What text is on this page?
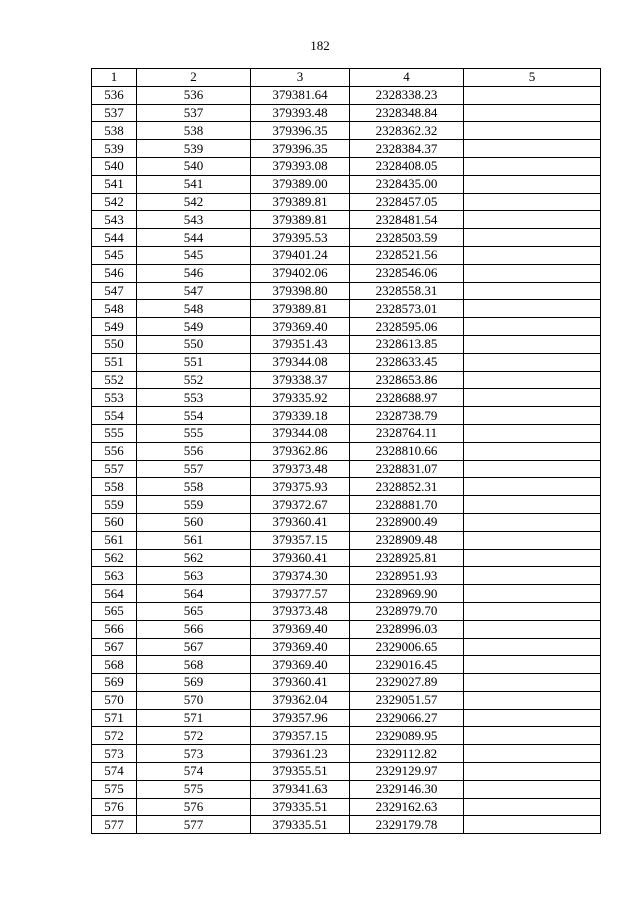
182
1	2	3	4	5
536	536	379381.64	2328338.23	
537	537	379393.48	2328348.84	
538	538	379396.35	2328362.32	
539	539	379396.35	2328384.37	
540	540	379393.08	2328408.05	
541	541	379389.00	2328435.00	
542	542	379389.81	2328457.05	
543	543	379389.81	2328481.54	
544	544	379395.53	2328503.59	
545	545	379401.24	2328521.56	
546	546	379402.06	2328546.06	
547	547	379398.80	2328558.31	
548	548	379389.81	2328573.01	
549	549	379369.40	2328595.06	
550	550	379351.43	2328613.85	
551	551	379344.08	2328633.45	
552	552	379338.37	2328653.86	
553	553	379335.92	2328688.97	
554	554	379339.18	2328738.79	
555	555	379344.08	2328764.11	
556	556	379362.86	2328810.66	
557	557	379373.48	2328831.07	
558	558	379375.93	2328852.31	
559	559	379372.67	2328881.70	
560	560	379360.41	2328900.49	
561	561	379357.15	2328909.48	
562	562	379360.41	2328925.81	
563	563	379374.30	2328951.93	
564	564	379377.57	2328969.90	
565	565	379373.48	2328979.70	
566	566	379369.40	2328996.03	
567	567	379369.40	2329006.65	
568	568	379369.40	2329016.45	
569	569	379360.41	2329027.89	
570	570	379362.04	2329051.57	
571	571	379357.96	2329066.27	
572	572	379357.15	2329089.95	
573	573	379361.23	2329112.82	
574	574	379355.51	2329129.97	
575	575	379341.63	2329146.30	
576	576	379335.51	2329162.63	
577	577	379335.51	2329179.78	
